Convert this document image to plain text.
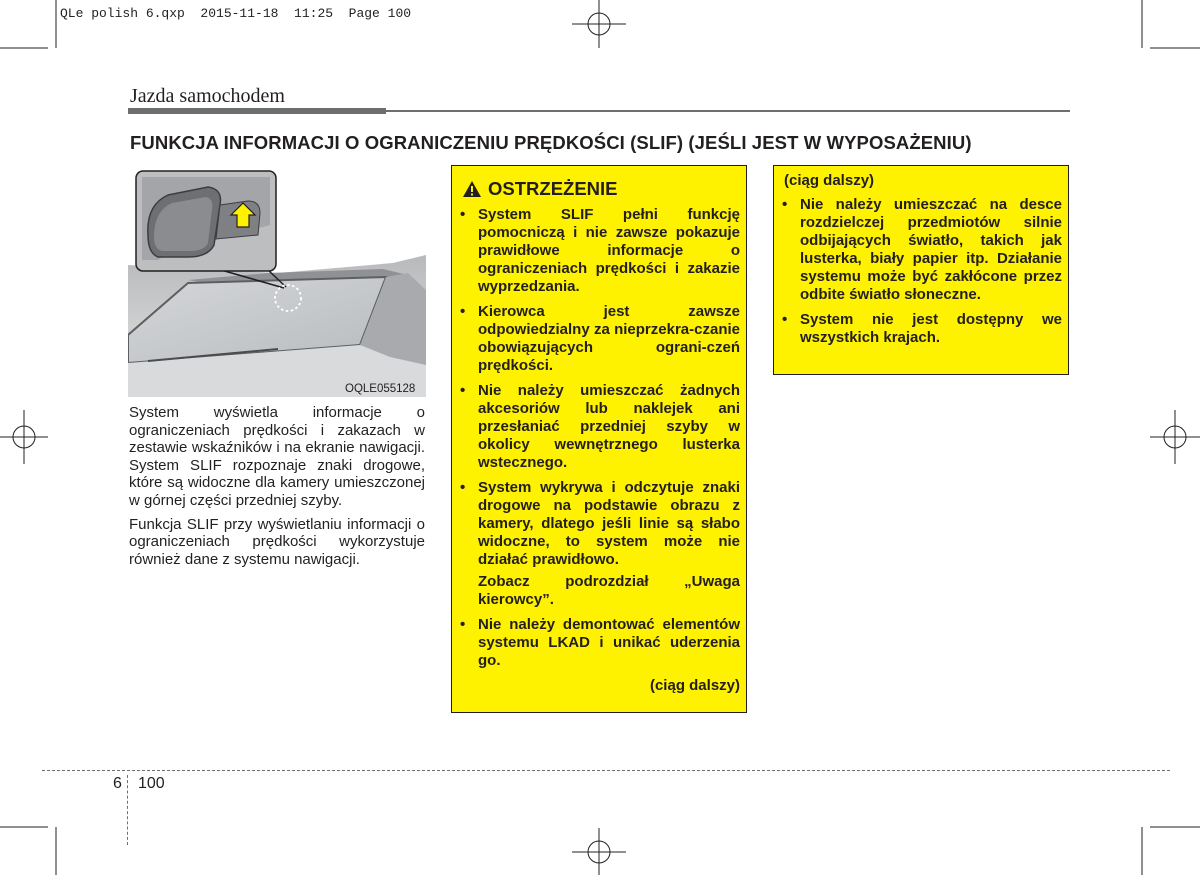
QLe polish 6.qxp  2015-11-18  11:25  Page 100
Jazda samochodem
FUNKCJA INFORMACJI O OGRANICZENIU PRĘDKOŚCI (SLIF) (JEŚLI JEST W WYPOSAŻENIU)
OQLE055128

System wyświetla informacje o ograniczeniach prędkości i zakazach w zestawie wskaźników i na ekranie nawigacji. System SLIF rozpoznaje znaki drogowe, które są widoczne dla kamery umieszczonej w górnej części przedniej szyby.

Funkcja SLIF przy wyświetlaniu informacji o ograniczeniach prędkości wykorzystuje również dane z systemu nawigacji.

OSTRZEŻENIE
• System SLIF pełni funkcję pomocniczą i nie zawsze pokazuje prawidłowe informacje o ograniczeniach prędkości i zakazie wyprzedzania.
• Kierowca jest zawsze odpowiedzialny za nieprzekra-czanie obowiązujących ograni-czeń prędkości.
• Nie należy umieszczać żadnych akcesoriów lub naklejek ani przesłaniać przedniej szyby w okolicy wewnętrznego lusterka wstecznego.
• System wykrywa i odczytuje znaki drogowe na podstawie obrazu z kamery, dlatego jeśli linie są słabo widoczne, to system może nie działać prawidłowo.
Zobacz podrozdział „Uwaga kierowcy”.
• Nie należy demontować elementów systemu LKAD i unikać uderzenia go.
(ciąg dalszy)
(ciąg dalszy)
• Nie należy umieszczać na desce rozdzielczej przedmiotów silnie odbijających światło, takich jak lusterka, biały papier itp. Działanie systemu może być zakłócone przez odbite światło słoneczne.
• System nie jest dostępny we wszystkich krajach.
6 100
